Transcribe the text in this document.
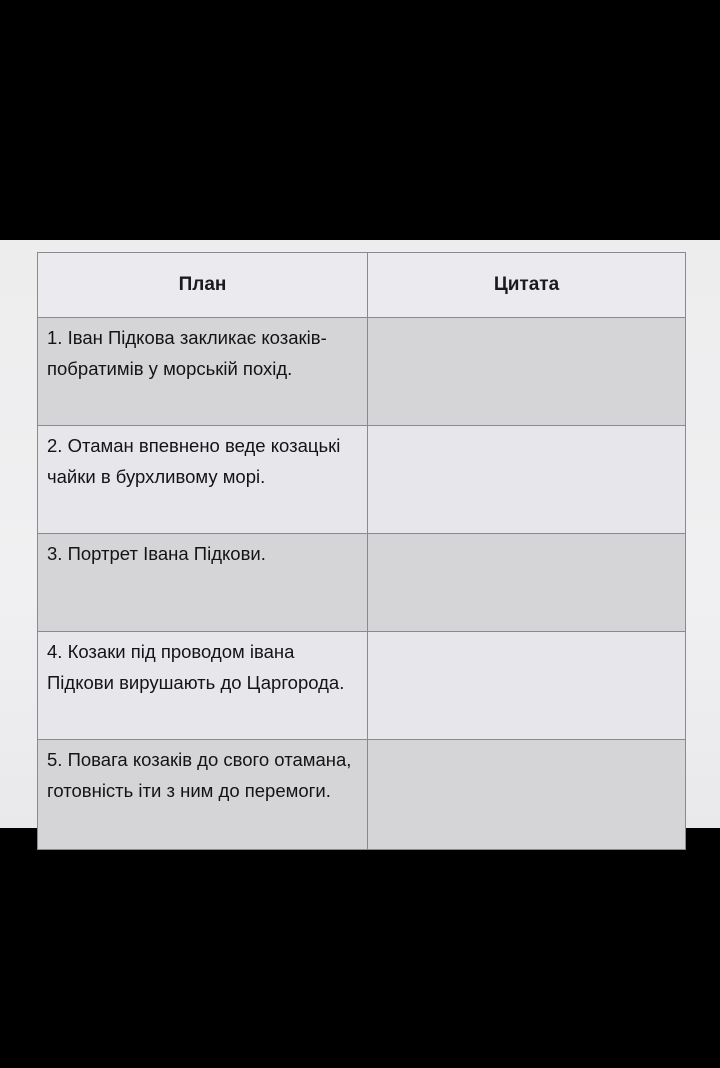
План	Цитата
1. Іван Підкова закликає козаків-побратимів у морській похід.	
2. Отаман впевнено веде козацькі чайки в бурхливому морі.	
3. Портрет Івана Підкови.	
4. Козаки під проводом івана Підкови вирушають до Царгорода.	
5. Повага козаків до свого отамана, готовність іти з ним до перемоги.	
